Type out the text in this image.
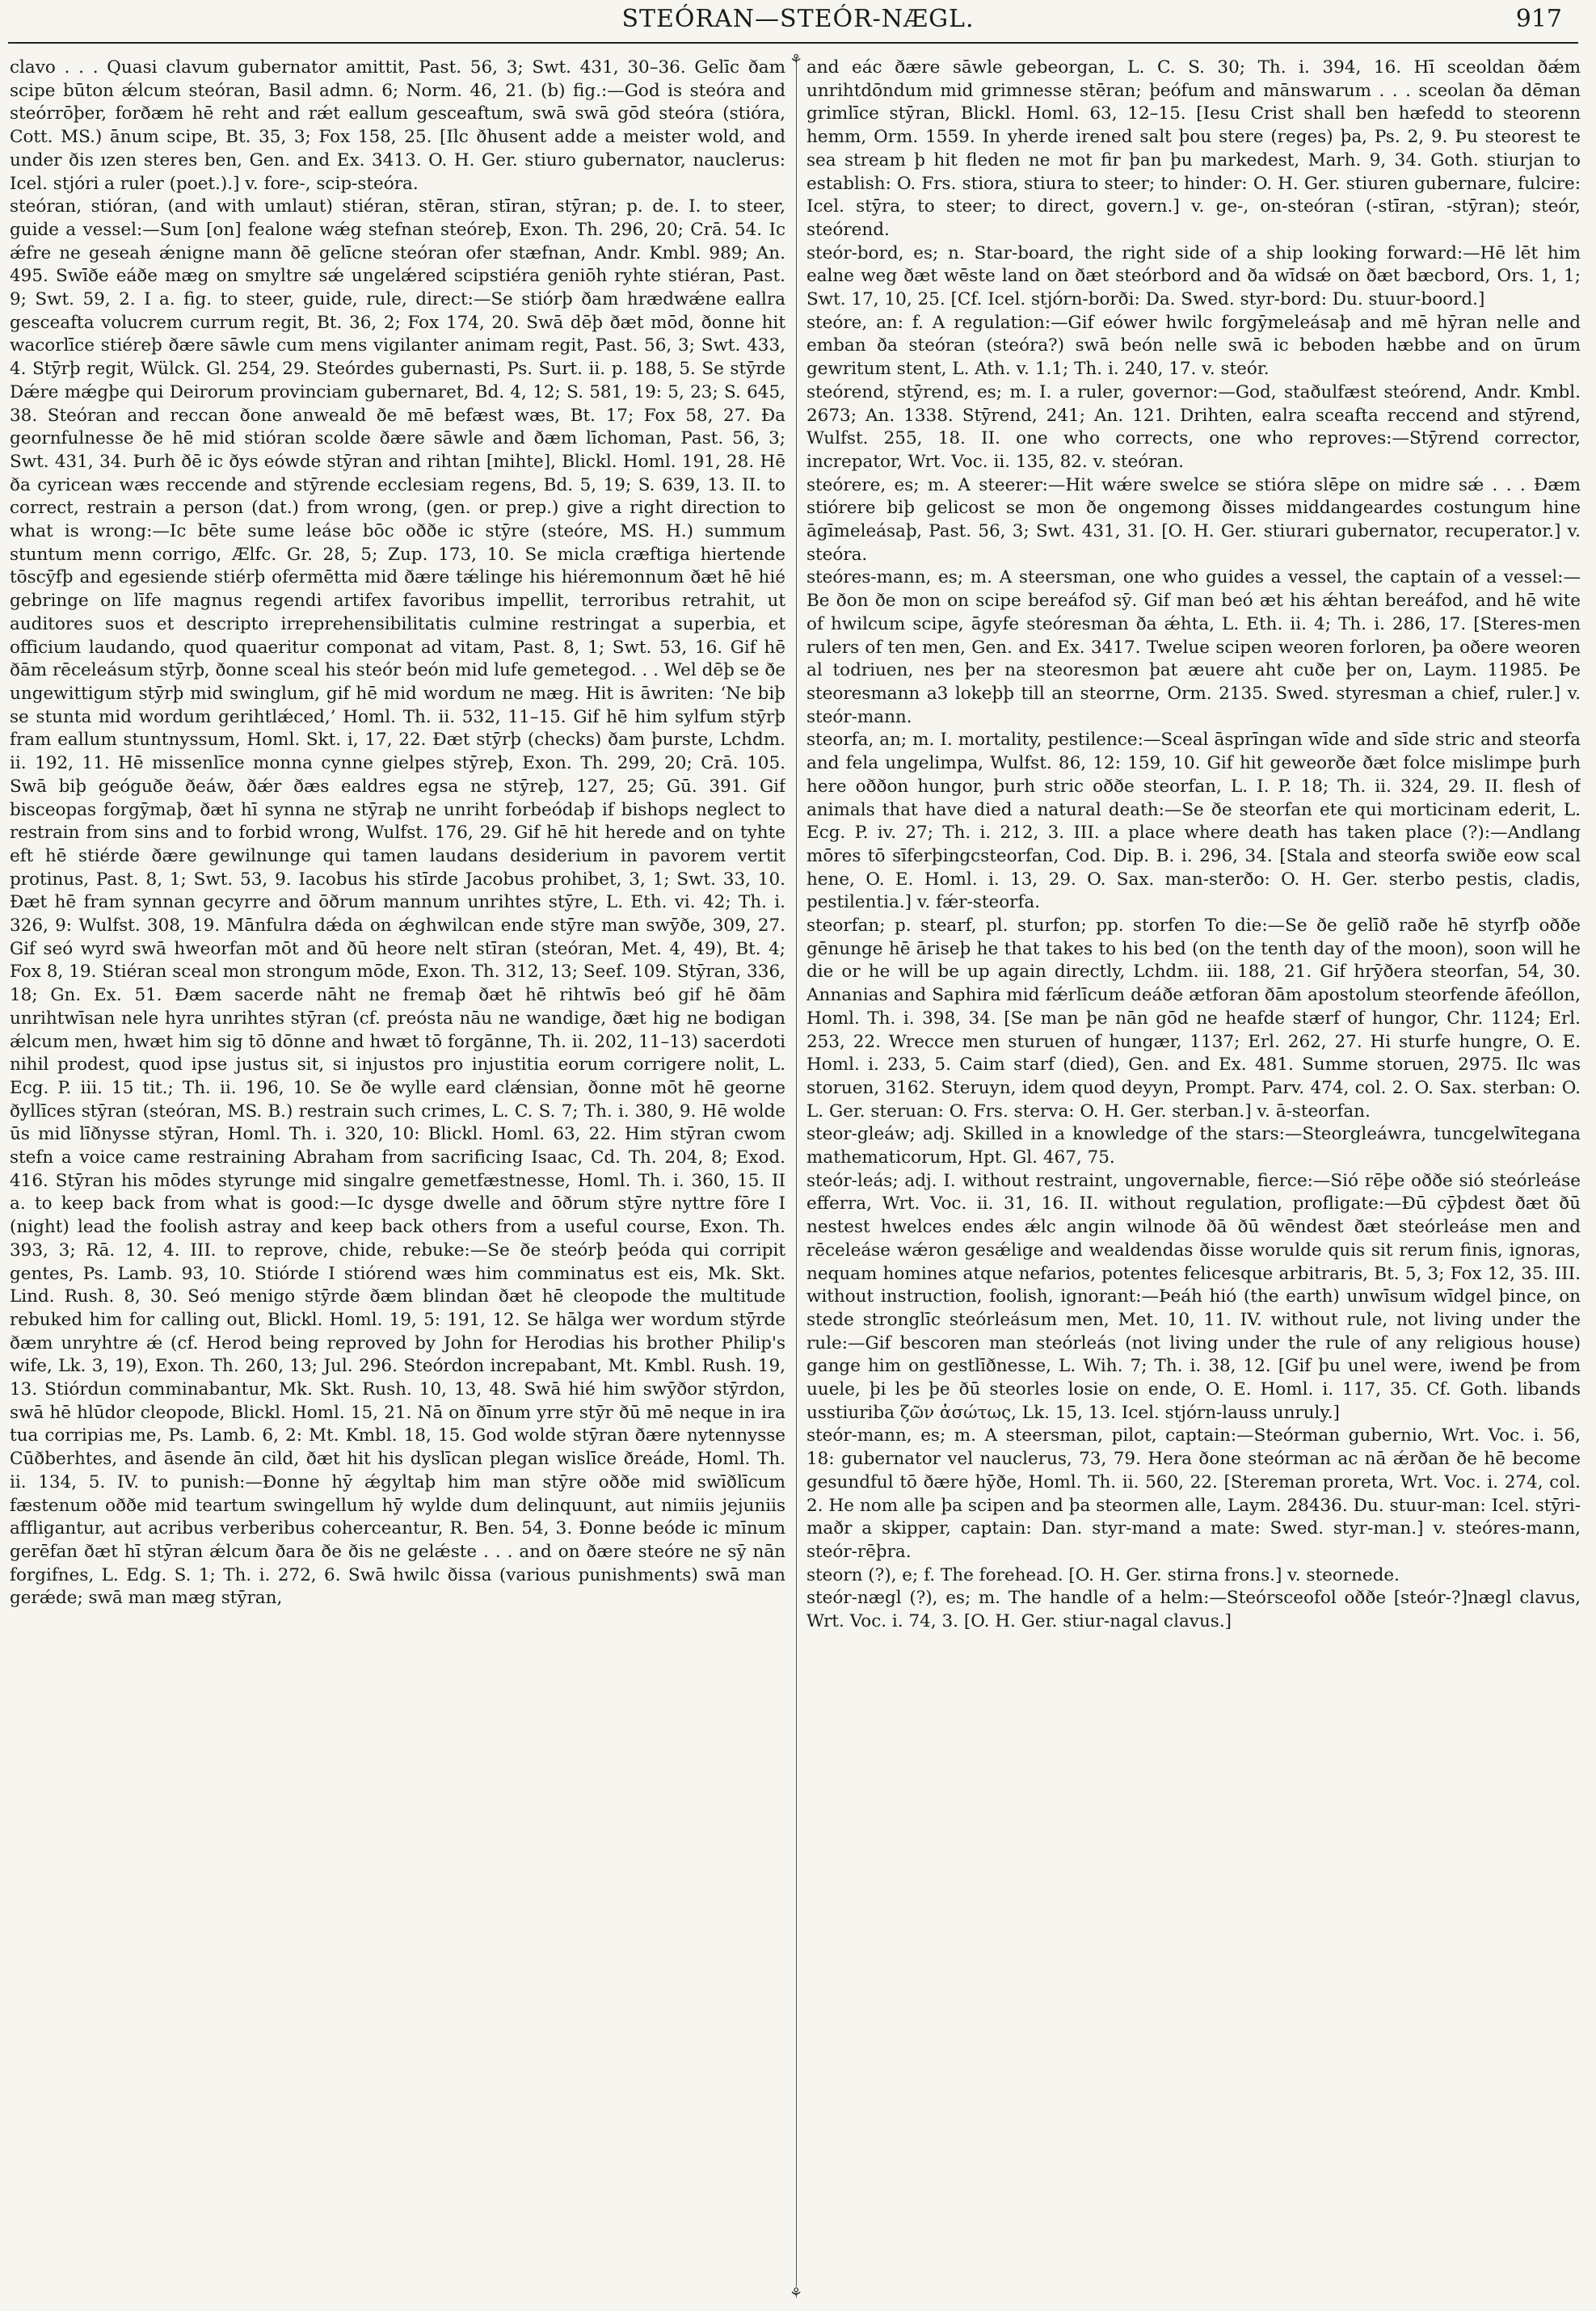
STEÓRAN—STEÓR-NÆGL.	917
⚘
⚘

clavo . . . Quasi clavum gubernator amittit, Past. 56, 3; Swt. 431, 30–36. Gelīc ðam scipe būton ǽlcum steóran, Basil admn. 6; Norm. 46, 21. (b) fig.:—God is steóra and steórrōþer, forðæm hē reht and rǽt eallum gesceaftum, swā swā gōd steóra (stióra, Cott. MS.) ānum scipe, Bt. 35, 3; Fox 158, 25. [Ilc ðhusent adde a meister wold, and under ðis ızen steres ben, Gen. and Ex. 3413. O. H. Ger. stiuro gubernator, nauclerus: Icel. stjóri a ruler (poet.).] v. fore-, scip-steóra.

steóran, stióran, (and with umlaut) stiéran, stēran, stīran, stȳran; p. de. I. to steer, guide a vessel:—Sum [on] fealone wǽg stefnan steóreþ, Exon. Th. 296, 20; Crā. 54. Ic ǽfre ne geseah ǽnigne mann ðē gelīcne steóran ofer stæfnan, Andr. Kmbl. 989; An. 495. Swīðe eáðe mæg on smyltre sǽ ungelǽred scipstiéra geniōh ryhte stiéran, Past. 9; Swt. 59, 2. I a. fig. to steer, guide, rule, direct:—Se stiórþ ðam hrædwǽne eallra gesceafta volucrem currum regit, Bt. 36, 2; Fox 174, 20. Swā dēþ ðæt mōd, ðonne hit wacorlīce stiéreþ ðære sāwle cum mens vigilanter animam regit, Past. 56, 3; Swt. 433, 4. Stȳrþ regit, Wülck. Gl. 254, 29. Steórdes gubernasti, Ps. Surt. ii. p. 188, 5. Se stȳrde Dǽre mǽgþe qui Deirorum provinciam gubernaret, Bd. 4, 12; S. 581, 19: 5, 23; S. 645, 38. Steóran and reccan ðone anweald ðe mē befæst wæs, Bt. 17; Fox 58, 27. Ða geornfulnesse ðe hē mid stióran scolde ðære sāwle and ðæm līchoman, Past. 56, 3; Swt. 431, 34. Þurh ðē ic ðys eówde stȳran and rihtan [mihte], Blickl. Homl. 191, 28. Hē ða cyricean wæs reccende and stȳrende ecclesiam regens, Bd. 5, 19; S. 639, 13. II. to correct, restrain a person (dat.) from wrong, (gen. or prep.) give a right direction to what is wrong:—Ic bēte sume leáse bōc oððe ic stȳre (steóre, MS. H.) summum stuntum menn corrigo, Ælfc. Gr. 28, 5; Zup. 173, 10. Se micla cræftiga hiertende tōscȳfþ and egesiende stiérþ ofermētta mid ðære tǽlinge his hiéremonnum ðæt hē hié gebringe on līfe magnus regendi artifex favoribus impellit, terroribus retrahit, ut auditores suos et descripto irreprehensibilitatis culmine restringat a superbia, et officium laudando, quod quaeritur componat ad vitam, Past. 8, 1; Swt. 53, 16. Gif hē ðām rēceleásum stȳrþ, ðonne sceal his steór beón mid lufe gemetegod. . . Wel dēþ se ðe ungewittigum stȳrþ mid swinglum, gif hē mid wordum ne mæg. Hit is āwriten: ‘Ne biþ se stunta mid wordum gerihtlǽced,’ Homl. Th. ii. 532, 11–15. Gif hē him sylfum stȳrþ fram eallum stuntnyssum, Homl. Skt. i, 17, 22. Ðæt stȳrþ (checks) ðam þurste, Lchdm. ii. 192, 11. Hē missenlīce monna cynne gielpes stȳreþ, Exon. Th. 299, 20; Crā. 105. Swā biþ geóguðe ðeáw, ðǽr ðæs ealdres egsa ne stȳreþ, 127, 25; Gū. 391. Gif bisceopas forgȳmaþ, ðæt hī synna ne stȳraþ ne unriht forbeódaþ if bishops neglect to restrain from sins and to forbid wrong, Wulfst. 176, 29. Gif hē hit herede and on tyhte eft hē stiérde ðære gewilnunge qui tamen laudans desiderium in pavorem vertit protinus, Past. 8, 1; Swt. 53, 9. Iacobus his stīrde Jacobus prohibet, 3, 1; Swt. 33, 10. Ðæt hē fram synnan gecyrre and ōðrum mannum unrihtes stȳre, L. Eth. vi. 42; Th. i. 326, 9: Wulfst. 308, 19. Mānfulra dǽda on ǽghwilcan ende stȳre man swȳðe, 309, 27. Gif seó wyrd swā hweorfan mōt and ðū heore nelt stīran (steóran, Met. 4, 49), Bt. 4; Fox 8, 19. Stiéran sceal mon strongum mōde, Exon. Th. 312, 13; Seef. 109. Stȳran, 336, 18; Gn. Ex. 51. Ðæm sacerde nāht ne fremaþ ðæt hē rihtwīs beó gif hē ðām unrihtwīsan nele hyra unrihtes stȳran (cf. preósta nāu ne wandige, ðæt hig ne bodigan ǽlcum men, hwæt him sig tō dōnne and hwæt tō forgānne, Th. ii. 202, 11–13) sacerdoti nihil prodest, quod ipse justus sit, si injustos pro injustitia eorum corrigere nolit, L. Ecg. P. iii. 15 tit.; Th. ii. 196, 10. Se ðe wylle eard clǽnsian, ðonne mōt hē georne ðyllīces stȳran (steóran, MS. B.) restrain such crimes, L. C. S. 7; Th. i. 380, 9. Hē wolde ūs mid līðnysse stȳran, Homl. Th. i. 320, 10: Blickl. Homl. 63, 22. Him stȳran cwom stefn a voice came restraining Abraham from sacrificing Isaac, Cd. Th. 204, 8; Exod. 416. Stȳran his mōdes styrunge mid singalre gemetfæstnesse, Homl. Th. i. 360, 15. II a. to keep back from what is good:—Ic dysge dwelle and ōðrum stȳre nyttre fōre I (night) lead the foolish astray and keep back others from a useful course, Exon. Th. 393, 3; Rā. 12, 4. III. to reprove, chide, rebuke:—Se ðe steórþ þeóda qui corripit gentes, Ps. Lamb. 93, 10. Stiórde I stiórend wæs him comminatus est eis, Mk. Skt. Lind. Rush. 8, 30. Seó menigo stȳrde ðæm blindan ðæt hē cleopode the multitude rebuked him for calling out, Blickl. Homl. 19, 5: 191, 12. Se hālga wer wordum stȳrde ðæm unryhtre ǽ (cf. Herod being reproved by John for Herodias his brother Philip's wife, Lk. 3, 19), Exon. Th. 260, 13; Jul. 296. Steórdon increpabant, Mt. Kmbl. Rush. 19, 13. Stiórdun comminabantur, Mk. Skt. Rush. 10, 13, 48. Swā hié him swȳðor stȳrdon, swā hē hlūdor cleopode, Blickl. Homl. 15, 21. Nā on ðīnum yrre stȳr ðū mē neque in ira tua corripias me, Ps. Lamb. 6, 2: Mt. Kmbl. 18, 15. God wolde stȳran ðære nytennysse Cūðberhtes, and āsende ān cild, ðæt hit his dyslīcan plegan wislīce ðreáde, Homl. Th. ii. 134, 5. IV. to punish:—Ðonne hȳ ǽgyltaþ him man stȳre oððe mid swīðlīcum fæstenum oððe mid teartum swingellum hȳ wylde dum delinquunt, aut nimiis jejuniis affligantur, aut acribus verberibus coherceantur, R. Ben. 54, 3. Ðonne beóde ic mīnum gerēfan ðæt hī stȳran ǽlcum ðara ðe ðis ne gelǽste . . . and on ðære steóre ne sȳ nān forgifnes, L. Edg. S. 1; Th. i. 272, 6. Swā hwilc ðissa (various punishments) swā man gerǽde; swā man mæg stȳran,

and eác ðære sāwle gebeorgan, L. C. S. 30; Th. i. 394, 16. Hī sceoldan ðǽm unrihtdōndum mid grimnesse stēran; þeófum and mānswarum . . . sceolan ða dēman grimlīce stȳran, Blickl. Homl. 63, 12–15. [Iesu Crist shall ben hæfedd to steorenn hemm, Orm. 1559. In yherde irened salt þou stere (reges) þa, Ps. 2, 9. Þu steorest te sea stream þ hit fleden ne mot fir þan þu markedest, Marh. 9, 34. Goth. stiurjan to establish: O. Frs. stiora, stiura to steer; to hinder: O. H. Ger. stiuren gubernare, fulcire: Icel. stȳra, to steer; to direct, govern.] v. ge-, on-steóran (-stīran, -stȳran); steór, steórend.

steór-bord, es; n. Star-board, the right side of a ship looking forward:—Hē lēt him ealne weg ðæt wēste land on ðæt steórbord and ða wīdsǽ on ðæt bæcbord, Ors. 1, 1; Swt. 17, 10, 25. [Cf. Icel. stjórn-borði: Da. Swed. styr-bord: Du. stuur-boord.]

steóre, an: f. A regulation:—Gif eówer hwilc forgȳmeleásaþ and mē hȳran nelle and emban ða steóran (steóra?) swā beón nelle swā ic beboden hæbbe and on ūrum gewritum stent, L. Ath. v. 1.1; Th. i. 240, 17. v. steór.

steórend, stȳrend, es; m. I. a ruler, governor:—God, staðulfæst steórend, Andr. Kmbl. 2673; An. 1338. Stȳrend, 241; An. 121. Drihten, ealra sceafta reccend and stȳrend, Wulfst. 255, 18. II. one who corrects, one who reproves:—Stȳrend corrector, increpator, Wrt. Voc. ii. 135, 82. v. steóran.

steórere, es; m. A steerer:—Hit wǽre swelce se stióra slēpe on midre sǽ . . . Ðæm stiórere biþ gelicost se mon ðe ongemong ðisses middangeardes costungum hine āgīmeleásaþ, Past. 56, 3; Swt. 431, 31. [O. H. Ger. stiurari gubernator, recuperator.] v. steóra.

steóres-mann, es; m. A steersman, one who guides a vessel, the captain of a vessel:—Be ðon ðe mon on scipe bereáfod sȳ. Gif man beó æt his ǽhtan bereáfod, and hē wite of hwilcum scipe, āgyfe steóresman ða ǽhta, L. Eth. ii. 4; Th. i. 286, 17. [Steres-men rulers of ten men, Gen. and Ex. 3417. Twelue scipen weoren forloren, þa oðere weoren al todriuen, nes þer na steoresmon þat æuere aht cuðe þer on, Laym. 11985. Þe steoresmann a3 lokeþþ till an steorrne, Orm. 2135. Swed. styresman a chief, ruler.] v. steór-mann.

steorfa, an; m. I. mortality, pestilence:—Sceal āsprīngan wīde and sīde stric and steorfa and fela ungelimpa, Wulfst. 86, 12: 159, 10. Gif hit geweorðe ðæt folce mislimpe þurh here oððon hungor, þurh stric oððe steorfan, L. I. P. 18; Th. ii. 324, 29. II. flesh of animals that have died a natural death:—Se ðe steorfan ete qui morticinam ederit, L. Ecg. P. iv. 27; Th. i. 212, 3. III. a place where death has taken place (?):—Andlang mōres tō sīferþingcsteorfan, Cod. Dip. B. i. 296, 34. [Stala and steorfa swiðe eow scal hene, O. E. Homl. i. 13, 29. O. Sax. man-sterðo: O. H. Ger. sterbo pestis, cladis, pestilentia.] v. fǽr-steorfa.

steorfan; p. stearf, pl. sturfon; pp. storfen To die:—Se ðe gelīð raðe hē styrfþ oððe gēnunge hē āriseþ he that takes to his bed (on the tenth day of the moon), soon will he die or he will be up again directly, Lchdm. iii. 188, 21. Gif hrȳðera steorfan, 54, 30. Annanias and Saphira mid fǽrlīcum deáðe ætforan ðām apostolum steorfende āfeóllon, Homl. Th. i. 398, 34. [Se man þe nān gōd ne heafde stærf of hungor, Chr. 1124; Erl. 253, 22. Wrecce men sturuen of hungær, 1137; Erl. 262, 27. Hi sturfe hungre, O. E. Homl. i. 233, 5. Caim starf (died), Gen. and Ex. 481. Summe storuen, 2975. Ilc was storuen, 3162. Steruyn, idem quod deyyn, Prompt. Parv. 474, col. 2. O. Sax. sterban: O. L. Ger. steruan: O. Frs. sterva: O. H. Ger. sterban.] v. ā-steorfan.

steor-gleáw; adj. Skilled in a knowledge of the stars:—Steorgleáwra, tuncgelwītegana mathematicorum, Hpt. Gl. 467, 75.

steór-leás; adj. I. without restraint, ungovernable, fierce:—Sió rēþe oððe sió steórleáse efferra, Wrt. Voc. ii. 31, 16. II. without regulation, profligate:—Ðū cȳþdest ðæt ðū nestest hwelces endes ǽlc angin wilnode ðā ðū wēndest ðæt steórleáse men and rēceleáse wǽron gesǽlige and wealdendas ðisse worulde quis sit rerum finis, ignoras, nequam homines atque nefarios, potentes felicesque arbitraris, Bt. 5, 3; Fox 12, 35. III. without instruction, foolish, ignorant:—Þeáh hió (the earth) unwīsum wīdgel þince, on stede stronglīc steórleásum men, Met. 10, 11. IV. without rule, not living under the rule:—Gif bescoren man steórleás (not living under the rule of any religious house) gange him on gestlīðnesse, L. Wih. 7; Th. i. 38, 12. [Gif þu unel were, iwend þe from uuele, þi les þe ðū steorles losie on ende, O. E. Homl. i. 117, 35. Cf. Goth. libands usstiuriba ζῶν ἀσώτως, Lk. 15, 13. Icel. stjórn-lauss unruly.]

steór-mann, es; m. A steersman, pilot, captain:—Steórman gubernio, Wrt. Voc. i. 56, 18: gubernator vel nauclerus, 73, 79. Hera ðone steórman ac nā ǽrðan ðe hē become gesundful tō ðære hȳðe, Homl. Th. ii. 560, 22. [Stereman proreta, Wrt. Voc. i. 274, col. 2. He nom alle þa scipen and þa steormen alle, Laym. 28436. Du. stuur-man: Icel. stȳri-maðr a skipper, captain: Dan. styr-mand a mate: Swed. styr-man.] v. steóres-mann, steór-rēþra.

steorn (?), e; f. The forehead. [O. H. Ger. stirna frons.] v. steornede.

steór-nægl (?), es; m. The handle of a helm:—Steórsceofol oððe [steór-?]nægl clavus, Wrt. Voc. i. 74, 3. [O. H. Ger. stiur-nagal clavus.]
